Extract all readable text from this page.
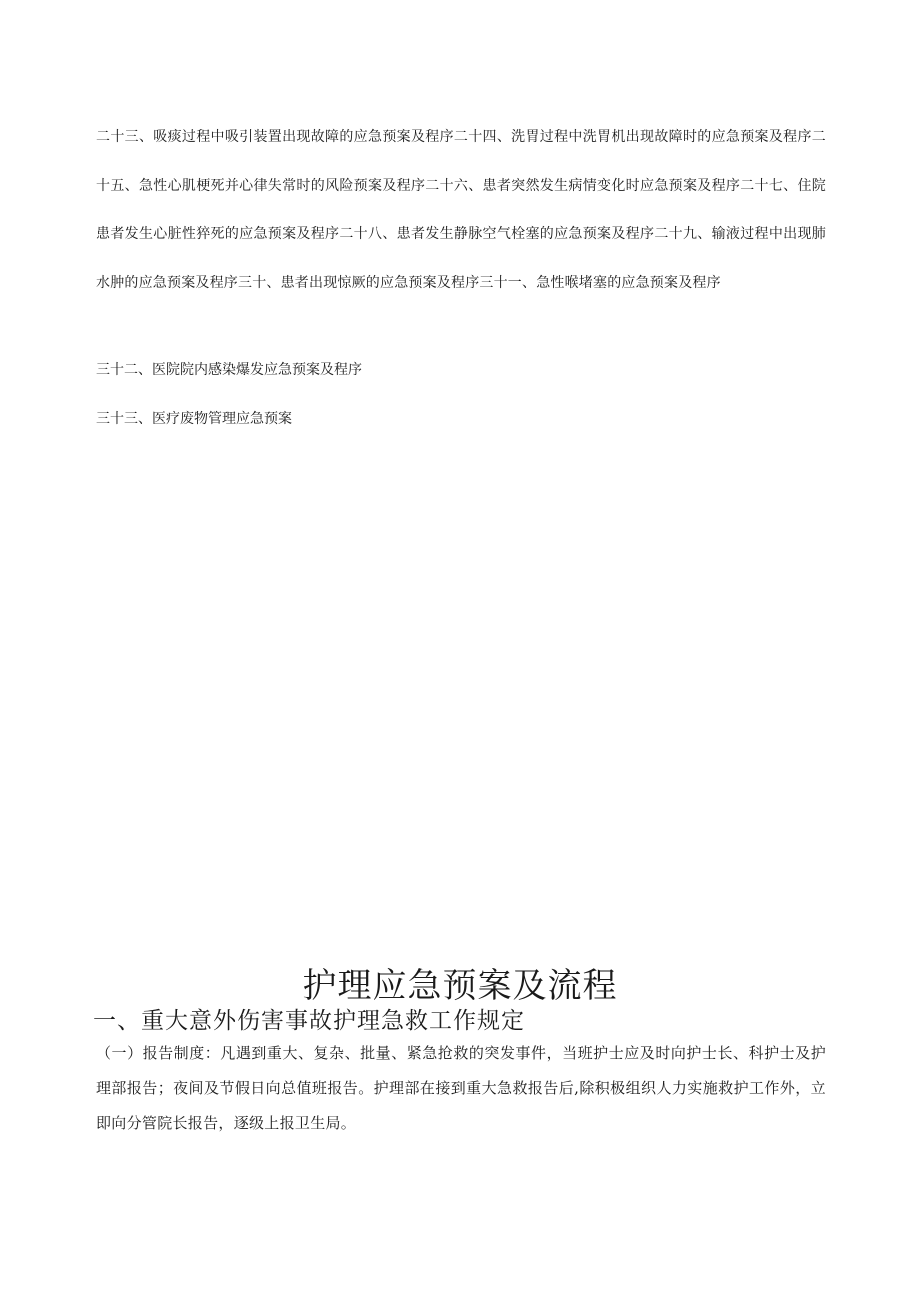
二十三、吸痰过程中吸引装置出现故障的应急预案及程序二十四、洗胃过程中洗胃机出现故障时的应急预案及程序二十五、急性心肌梗死并心律失常时的风险预案及程序二十六、患者突然发生病情变化时应急预案及程序二十七、住院患者发生心脏性猝死的应急预案及程序二十八、患者发生静脉空气栓塞的应急预案及程序二十九、输液过程中出现肺水肿的应急预案及程序三十、患者出现惊厥的应急预案及程序三十一、急性喉堵塞的应急预案及程序
三十二、医院院内感染爆发应急预案及程序
三十三、医疗废物管理应急预案
护理应急预案及流程
一、重大意外伤害事故护理急救工作规定

（一）报告制度：凡遇到重大、复杂、批量、紧急抢救的突发事件，当班护士应及时向护士长、科护士及护理部报告；夜间及节假日向总值班报告。护理部在接到重大急救报告后,除积极组织人力实施救护工作外，立即向分管院长报告，逐级上报卫生局。
